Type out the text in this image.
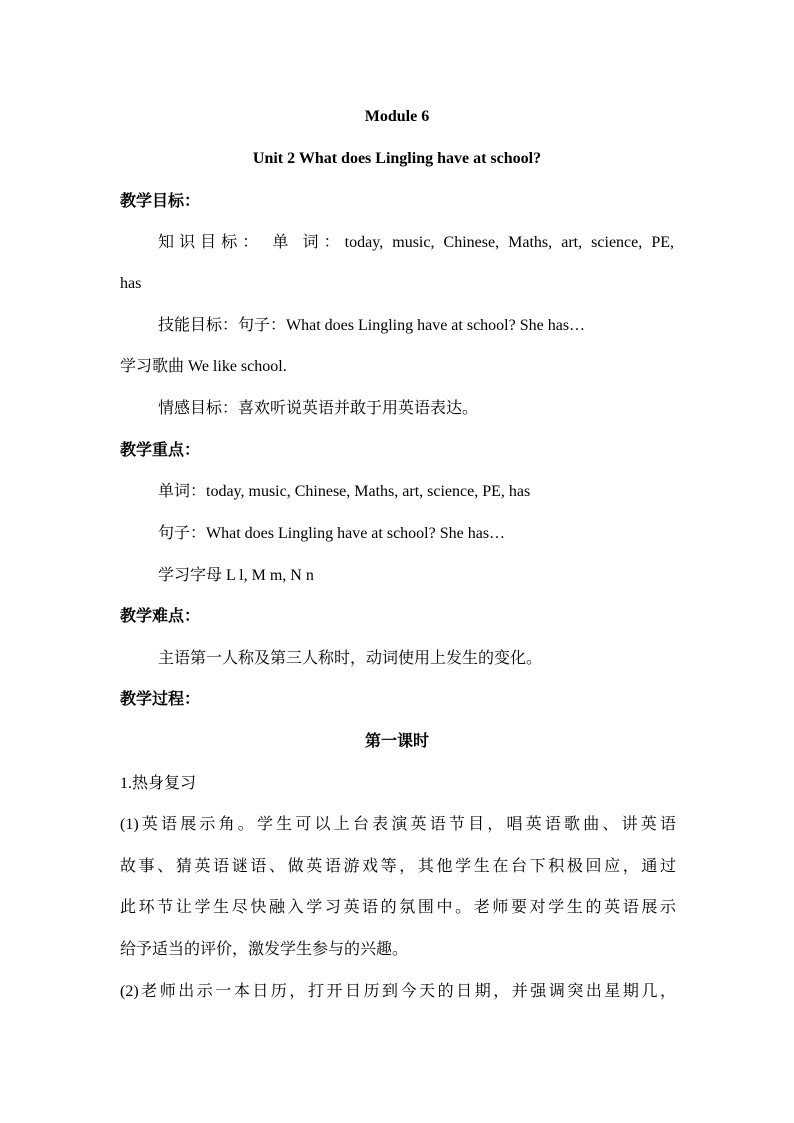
Module 6
Unit 2 What does Lingling have at school?
教学目标：
知识目标： 单 词：today, music, Chinese, Maths, art, science, PE,
has
技能目标：句子：What does Lingling have at school? She has…
学习歌曲 We like school.
情感目标：喜欢听说英语并敢于用英语表达。
教学重点：
单词：today, music, Chinese, Maths, art, science, PE, has
句子：What does Lingling have at school? She has…
学习字母 L l, M m, N n
教学难点：
主语第一人称及第三人称时，动词使用上发生的变化。
教学过程：
第一课时
1.热身复习
(1)英语展示角。学生可以上台表演英语节目，唱英语歌曲、讲英语
故事、猜英语谜语、做英语游戏等，其他学生在台下积极回应，通过
此环节让学生尽快融入学习英语的氛围中。老师要对学生的英语展示
给予适当的评价，激发学生参与的兴趣。
(2)老师出示一本日历，打开日历到今天的日期，并强调突出星期几，
